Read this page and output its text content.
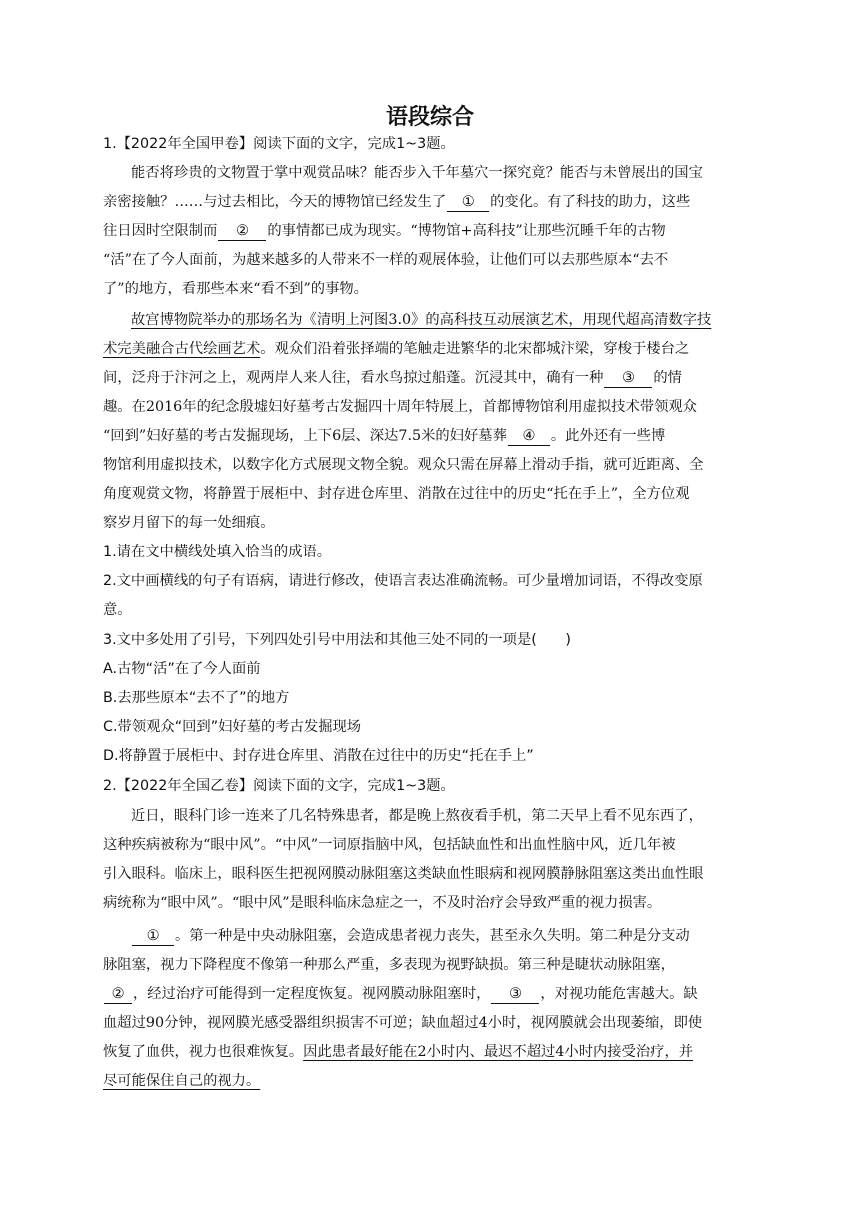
语段综合
1.【2022年全国甲卷】阅读下面的文字，完成1~3题。
能否将珍贵的文物置于掌中观赏品味？能否步入千年墓穴一探究竟？能否与未曾展出的国宝
亲密接触？……与过去相比，今天的博物馆已经发生了 ① 的变化。有了科技的助力，这些
往日因时空限制而 ② 的事情都已成为现实。“博物馆+高科技”让那些沉睡千年的古物
“活”在了今人面前，为越来越多的人带来不一样的观展体验，让他们可以去那些原本“去不
了”的地方，看那些本来“看不到”的事物。
故宫博物院举办的那场名为《清明上河图3.0》的高科技互动展演艺术，用现代超高清数字技
术完美融合古代绘画艺术。观众们沿着张择端的笔触走进繁华的北宋都城汴梁，穿梭于楼台之
间，泛舟于汴河之上，观两岸人来人往，看水鸟掠过船蓬。沉浸其中，确有一种 ③ 的情
趣。在2016年的纪念殷墟妇好墓考古发掘四十周年特展上，首都博物馆利用虚拟技术带领观众
“回到”妇好墓的考古发掘现场，上下6层、深达7.5米的妇好墓葬 ④ 。此外还有一些博
物馆利用虚拟技术，以数字化方式展现文物全貌。观众只需在屏幕上滑动手指，就可近距离、全
角度观赏文物，将静置于展柜中、封存进仓库里、消散在过往中的历史“托在手上”，全方位观
察岁月留下的每一处细痕。
1.请在文中横线处填入恰当的成语。
2.文中画横线的句子有语病，请进行修改，使语言表达准确流畅。可少量增加词语，不得改变原
意。
3.文中多处用了引号，下列四处引号中用法和其他三处不同的一项是(　　)
A.古物“活”在了今人面前
B.去那些原本“去不了”的地方
C.带领观众“回到”妇好墓的考古发掘现场
D.将静置于展柜中、封存进仓库里、消散在过往中的历史“托在手上”
2.【2022年全国乙卷】阅读下面的文字，完成1~3题。
近日，眼科门诊一连来了几名特殊患者，都是晚上熬夜看手机，第二天早上看不见东西了，
这种疾病被称为“眼中风”。“中风”一词原指脑中风，包括缺血性和出血性脑中风，近几年被
引入眼科。临床上，眼科医生把视网膜动脉阻塞这类缺血性眼病和视网膜静脉阻塞这类出血性眼
病统称为“眼中风”。“眼中风”是眼科临床急症之一，不及时治疗会导致严重的视力损害。
① 。第一种是中央动脉阻塞，会造成患者视力丧失，甚至永久失明。第二种是分支动
脉阻塞，视力下降程度不像第一种那么严重，多表现为视野缺损。第三种是睫状动脉阻塞，
② ，经过治疗可能得到一定程度恢复。视网膜动脉阻塞时， ③ ，对视功能危害越大。缺
血超过90分钟，视网膜光感受器组织损害不可逆；缺血超过4小时，视网膜就会出现萎缩，即使
恢复了血供，视力也很难恢复。因此患者最好能在2小时内、最迟不超过4小时内接受治疗，并
尽可能保住自己的视力。
